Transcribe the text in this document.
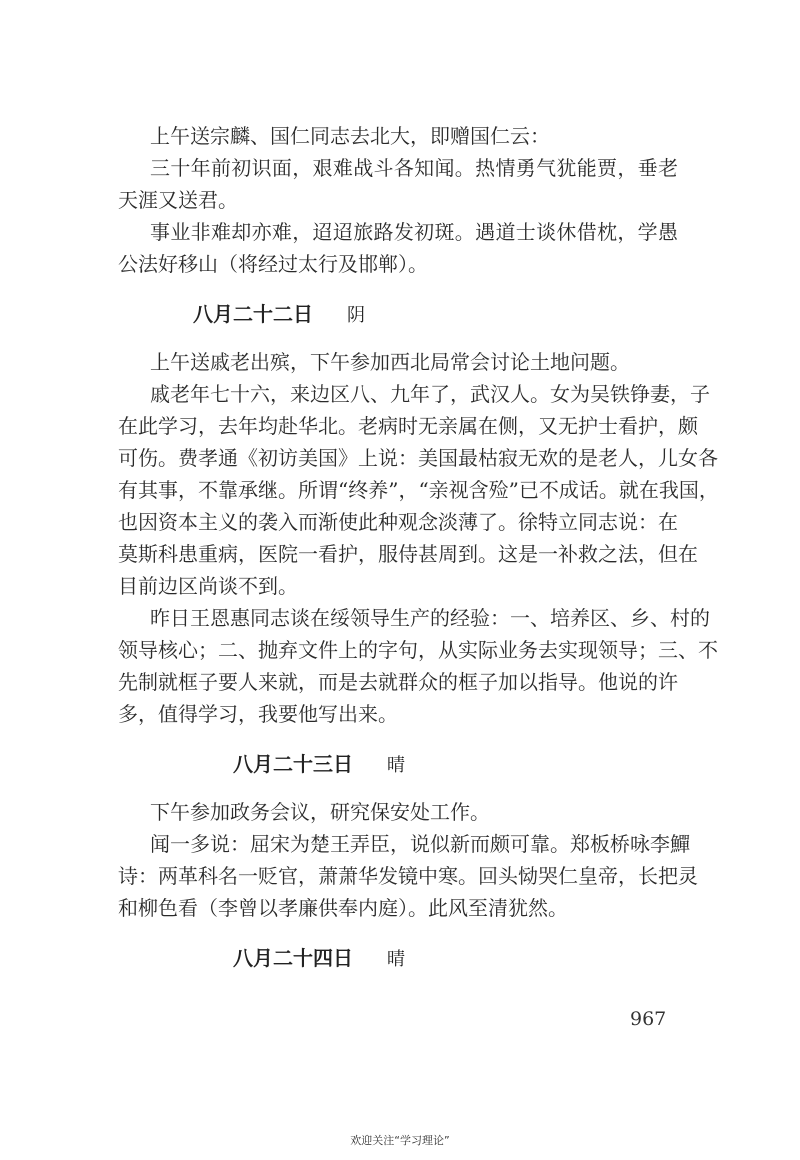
上午送宗麟、国仁同志去北大，即赠国仁云：
三十年前初识面，艰难战斗各知闻。热情勇气犹能贾，垂老
天涯又送君。
事业非难却亦难，迢迢旅路发初斑。遇道士谈休借枕，学愚
公法好移山（将经过太行及邯郸）。
八月二十二日 阴
上午送戚老出殡，下午参加西北局常会讨论土地问题。
戚老年七十六，来边区八、九年了，武汉人。女为吴铁铮妻，子
在此学习，去年均赴华北。老病时无亲属在侧，又无护士看护，颇
可伤。费孝通《初访美国》上说：美国最枯寂无欢的是老人，儿女各
有其事，不靠承继。所谓“终养”，“亲视含殓”已不成话。就在我国，
也因资本主义的袭入而渐使此种观念淡薄了。徐特立同志说：在
莫斯科患重病，医院一看护，服侍甚周到。这是一补救之法，但在
目前边区尚谈不到。
昨日王恩惠同志谈在绥领导生产的经验：一、培养区、乡、村的
领导核心；二、抛弃文件上的字句，从实际业务去实现领导；三、不
先制就框子要人来就，而是去就群众的框子加以指导。他说的许
多，值得学习，我要他写出来。
八月二十三日 晴
下午参加政务会议，研究保安处工作。
闻一多说：屈宋为楚王弄臣，说似新而颇可靠。郑板桥咏李鱓
诗：两革科名一贬官，萧萧华发镜中寒。回头恸哭仁皇帝，长把灵
和柳色看（李曾以孝廉供奉内庭）。此风至清犹然。
八月二十四日 晴
967
欢迎关注“学习理论”
